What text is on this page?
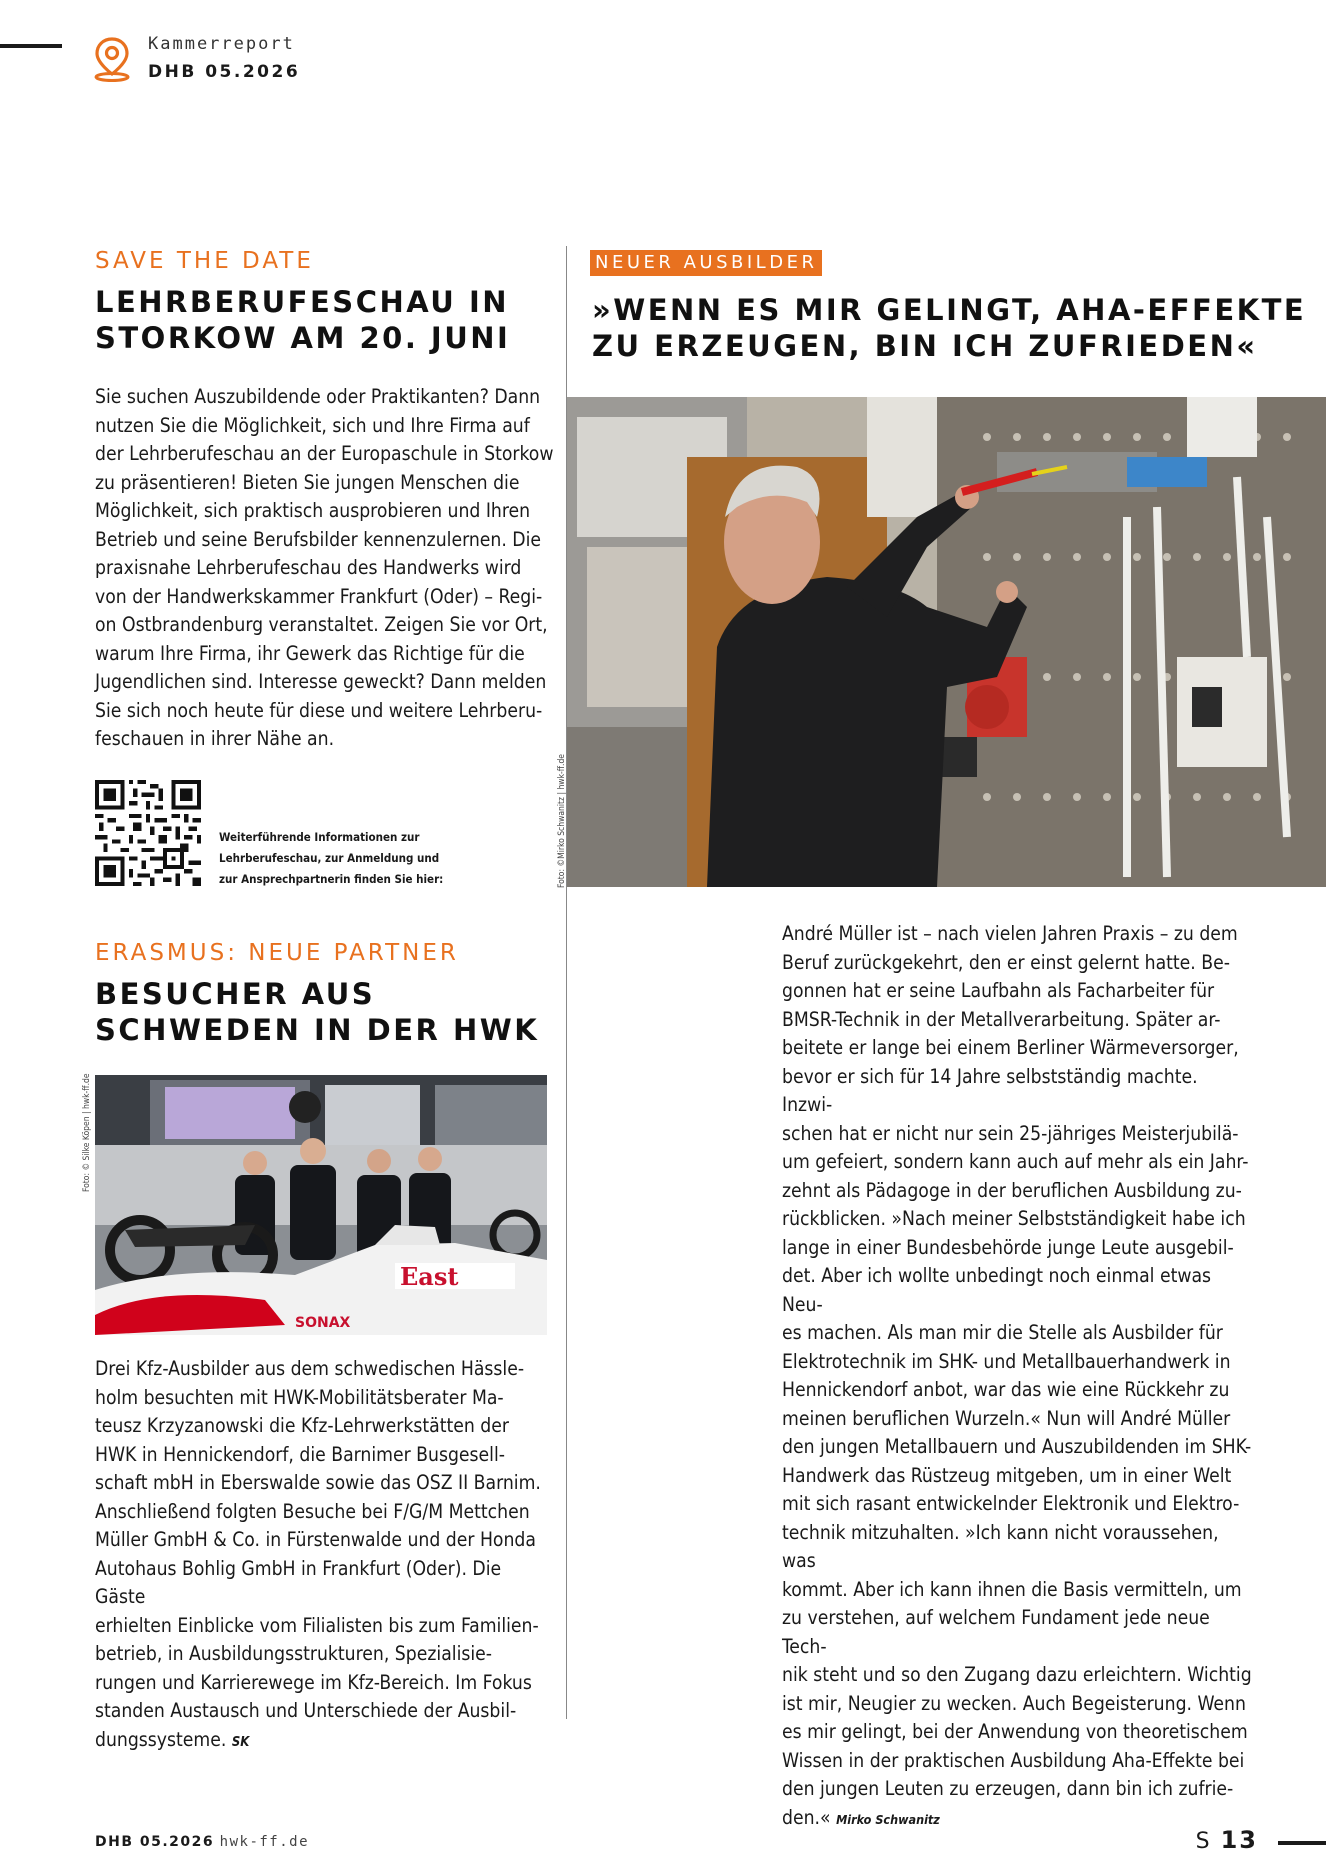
Kammerreport
DHB 05.2026
SAVE THE DATE
LEHRBERUFESCHAU IN
STORKOW AM 20. JUNI

Sie suchen Auszubildende oder Praktikanten? Dann

nutzen Sie die Möglichkeit, sich und Ihre Firma auf

der Lehrberufeschau an der Europaschule in Storkow

zu präsentieren! Bieten Sie jungen Menschen die

Möglichkeit, sich praktisch ausprobieren und Ihren

Betrieb und seine Berufsbilder kennenzulernen. Die

praxisnahe Lehrberufeschau des Handwerks wird

von der Handwerkskammer Frankfurt (Oder) – Regi-

on Ostbrandenburg veranstaltet. Zeigen Sie vor Ort,

warum Ihre Firma, ihr Gewerk das Richtige für die

Jugendlichen sind. Interesse geweckt? Dann melden

Sie sich noch heute für diese und weitere Lehrberu-

feschauen in ihrer Nähe an.

Weiterführende Informationen zur
Lehrberufeschau, zur Anmeldung und
zur Ansprechpartnerin finden Sie hier:
ERASMUS: NEUE PARTNER
BESUCHER AUS
SCHWEDEN IN DER HWK
Foto: © Silke Köpen | hwk-ff.de
East
SONAX

Drei Kfz-Ausbilder aus dem schwedischen Hässle-

holm besuchten mit HWK-Mobilitätsberater Ma-

teusz Krzyzanowski die Kfz-Lehrwerkstätten der

HWK in Hennickendorf, die Barnimer Busgesell-

schaft mbH in Eberswalde sowie das OSZ II Barnim.

Anschließend folgten Besuche bei F/G/M Mettchen

Müller GmbH & Co. in Fürstenwalde und der Honda

Autohaus Bohlig GmbH in Frankfurt (Oder). Die Gäste

erhielten Einblicke vom Filialisten bis zum Familien-

betrieb, in Ausbildungsstrukturen, Spezialisie-

rungen und Karrierewege im Kfz-Bereich. Im Fokus

standen Austausch und Unterschiede der Ausbil-

dungssysteme. SK

Foto: ©Mirko Schwanitz | hwk-ff.de
NEUER AUSBILDER
»WENN ES MIR GELINGT, AHA-EFFEKTE
ZU ERZEUGEN, BIN ICH ZUFRIEDEN«

André Müller ist – nach vielen Jahren Praxis – zu dem

Beruf zurückgekehrt, den er einst gelernt hatte. Be-

gonnen hat er seine Laufbahn als Facharbeiter für

BMSR-Technik in der Metallverarbeitung. Später ar-

beitete er lange bei einem Berliner Wärmeversorger,

bevor er sich für 14 Jahre selbstständig machte. Inzwi-

schen hat er nicht nur sein 25-jähriges Meisterjubilä-

um gefeiert, sondern kann auch auf mehr als ein Jahr-

zehnt als Pädagoge in der beruflichen Ausbildung zu-

rückblicken. »Nach meiner Selbstständigkeit habe ich

lange in einer Bundesbehörde junge Leute ausgebil-

det. Aber ich wollte unbedingt noch einmal etwas Neu-

es machen. Als man mir die Stelle als Ausbilder für

Elektrotechnik im SHK- und Metallbauerhandwerk in

Hennickendorf anbot, war das wie eine Rückkehr zu

meinen beruflichen Wurzeln.« Nun will André Müller

den jungen Metallbauern und Auszubildenden im SHK-

Handwerk das Rüstzeug mitgeben, um in einer Welt

mit sich rasant entwickelnder Elektronik und Elektro-

technik mitzuhalten. »Ich kann nicht voraussehen, was

kommt. Aber ich kann ihnen die Basis vermitteln, um

zu verstehen, auf welchem Fundament jede neue Tech-

nik steht und so den Zugang dazu erleichtern. Wichtig

ist mir, Neugier zu wecken. Auch Begeisterung. Wenn

es mir gelingt, bei der Anwendung von theoretischem

Wissen in der praktischen Ausbildung Aha-Effekte bei

den jungen Leuten zu erzeugen, dann bin ich zufrie-

den.« Mirko Schwanitz

DHB 05.2026 hwk-ff.de	S 13
